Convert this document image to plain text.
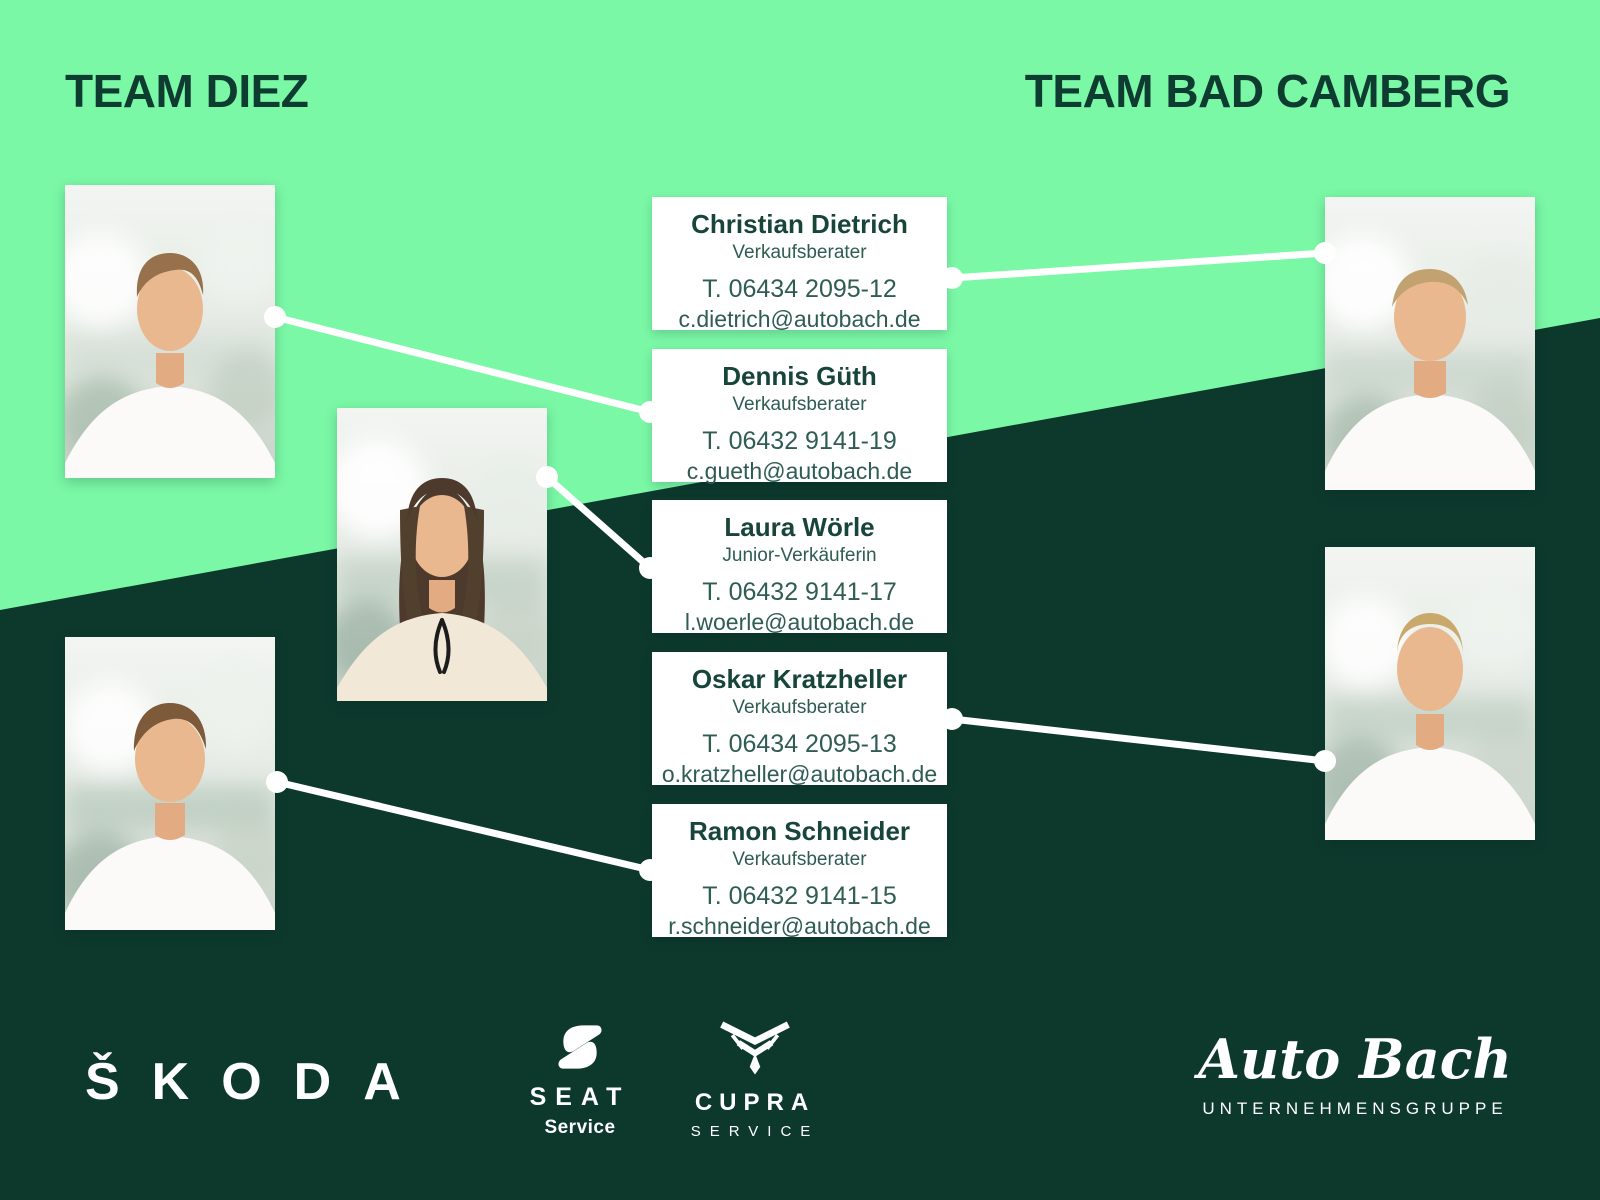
TEAM DIEZ	TEAM BAD CAMBERG
Christian Dietrich
Verkaufsberater
T. 06434 2095-12
c.dietrich@autobach.de
Dennis Güth
Verkaufsberater
T. 06432 9141-19
c.gueth@autobach.de
Laura Wörle
Junior-Verkäuferin
T. 06432 9141-17
l.woerle@autobach.de
Oskar Kratzheller
Verkaufsberater
T. 06434 2095-13
o.kratzheller@autobach.de
Ramon Schneider
Verkaufsberater
T. 06432 9141-15
r.schneider@autobach.de
ŠKODA	SEAT
Service
CUPRA
SERVICE
Auto Bach
UNTERNEHMENSGRUPPE
